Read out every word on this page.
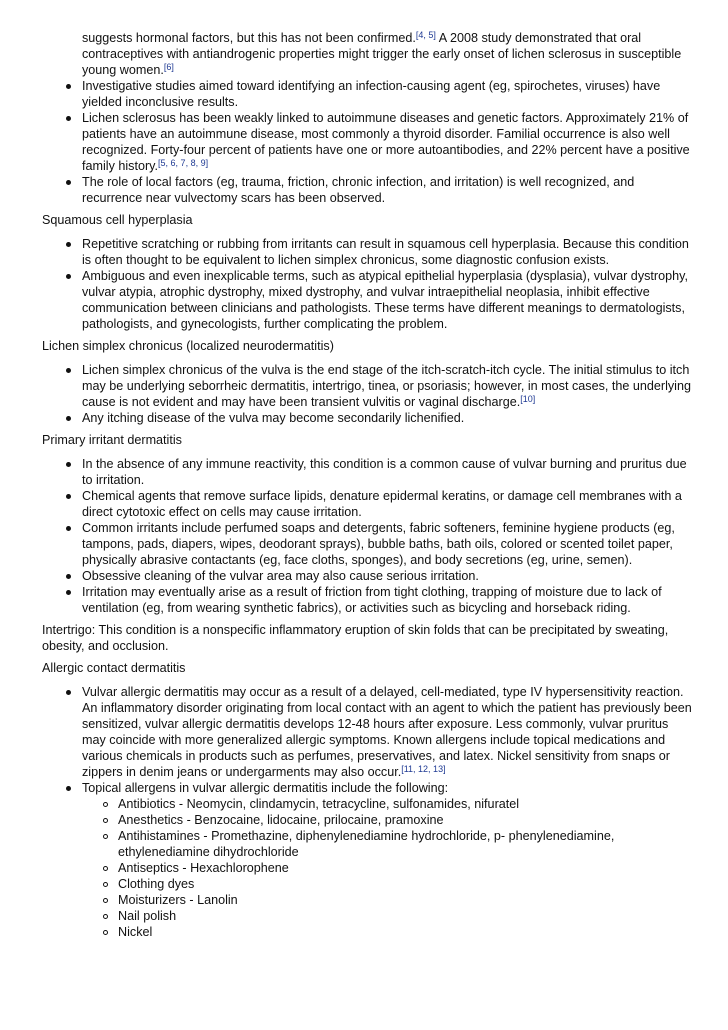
suggests hormonal factors, but this has not been confirmed.[4, 5] A 2008 study demonstrated that oral contraceptives with antiandrogenic properties might trigger the early onset of lichen sclerosus in susceptible young women.[6]
Investigative studies aimed toward identifying an infection-causing agent (eg, spirochetes, viruses) have yielded inconclusive results.
Lichen sclerosus has been weakly linked to autoimmune diseases and genetic factors. Approximately 21% of patients have an autoimmune disease, most commonly a thyroid disorder. Familial occurrence is also well recognized. Forty-four percent of patients have one or more autoantibodies, and 22% percent have a positive family history.[5, 6, 7, 8, 9]
The role of local factors (eg, trauma, friction, chronic infection, and irritation) is well recognized, and recurrence near vulvectomy scars has been observed.
Squamous cell hyperplasia
Repetitive scratching or rubbing from irritants can result in squamous cell hyperplasia. Because this condition is often thought to be equivalent to lichen simplex chronicus, some diagnostic confusion exists.
Ambiguous and even inexplicable terms, such as atypical epithelial hyperplasia (dysplasia), vulvar dystrophy, vulvar atypia, atrophic dystrophy, mixed dystrophy, and vulvar intraepithelial neoplasia, inhibit effective communication between clinicians and pathologists. These terms have different meanings to dermatologists, pathologists, and gynecologists, further complicating the problem.
Lichen simplex chronicus (localized neurodermatitis)
Lichen simplex chronicus of the vulva is the end stage of the itch-scratch-itch cycle. The initial stimulus to itch may be underlying seborrheic dermatitis, intertrigo, tinea, or psoriasis; however, in most cases, the underlying cause is not evident and may have been transient vulvitis or vaginal discharge.[10]
Any itching disease of the vulva may become secondarily lichenified.
Primary irritant dermatitis
In the absence of any immune reactivity, this condition is a common cause of vulvar burning and pruritus due to irritation.
Chemical agents that remove surface lipids, denature epidermal keratins, or damage cell membranes with a direct cytotoxic effect on cells may cause irritation.
Common irritants include perfumed soaps and detergents, fabric softeners, feminine hygiene products (eg, tampons, pads, diapers, wipes, deodorant sprays), bubble baths, bath oils, colored or scented toilet paper, physically abrasive contactants (eg, face cloths, sponges), and body secretions (eg, urine, semen).
Obsessive cleaning of the vulvar area may also cause serious irritation.
Irritation may eventually arise as a result of friction from tight clothing, trapping of moisture due to lack of ventilation (eg, from wearing synthetic fabrics), or activities such as bicycling and horseback riding.
Intertrigo: This condition is a nonspecific inflammatory eruption of skin folds that can be precipitated by sweating, obesity, and occlusion.
Allergic contact dermatitis
Vulvar allergic dermatitis may occur as a result of a delayed, cell-mediated, type IV hypersensitivity reaction. An inflammatory disorder originating from local contact with an agent to which the patient has previously been sensitized, vulvar allergic dermatitis develops 12-48 hours after exposure. Less commonly, vulvar pruritus may coincide with more generalized allergic symptoms. Known allergens include topical medications and various chemicals in products such as perfumes, preservatives, and latex. Nickel sensitivity from snaps or zippers in denim jeans or undergarments may also occur.[11, 12, 13]
Topical allergens in vulvar allergic dermatitis include the following:
Antibiotics - Neomycin, clindamycin, tetracycline, sulfonamides, nifuratel
Anesthetics - Benzocaine, lidocaine, prilocaine, pramoxine
Antihistamines - Promethazine, diphenylenediamine hydrochloride, p- phenylenediamine, ethylenediamine dihydrochloride
Antiseptics - Hexachlorophene
Clothing dyes
Moisturizers - Lanolin
Nail polish
Nickel
